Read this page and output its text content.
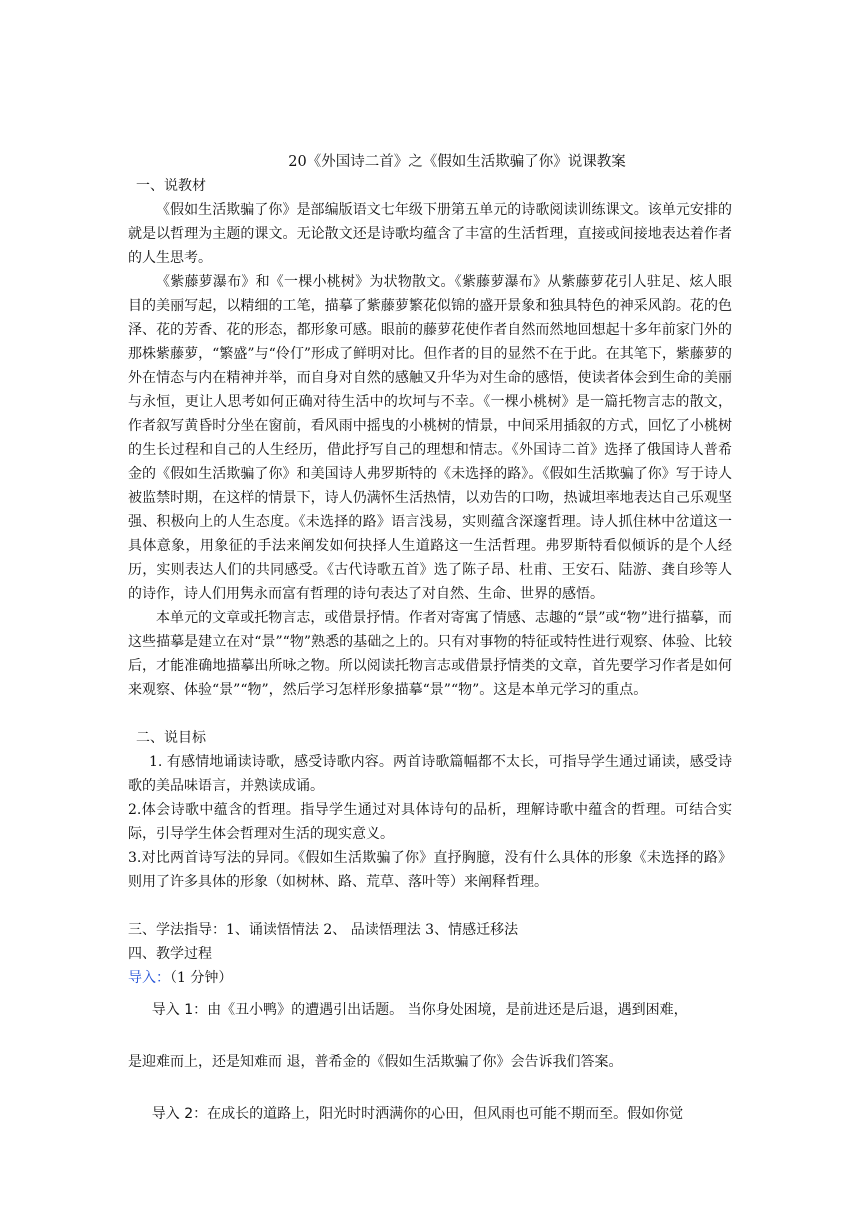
20《外国诗二首》之《假如生活欺骗了你》说课教案

一、说教材

《假如生活欺骗了你》是部编版语文七年级下册第五单元的诗歌阅读训练课文。该单元安排的就是以哲理为主题的课文。无论散文还是诗歌均蕴含了丰富的生活哲理，直接或间接地表达着作者的人生思考。

《紫藤萝瀑布》和《一棵小桃树》为状物散文。《紫藤萝瀑布》从紫藤萝花引人驻足、炫人眼目的美丽写起，以精细的工笔，描摹了紫藤萝繁花似锦的盛开景象和独具特色的神采风韵。花的色泽、花的芳香、花的形态，都形象可感。眼前的藤萝花使作者自然而然地回想起十多年前家门外的那株紫藤萝，“繁盛”与“伶仃”形成了鲜明对比。但作者的目的显然不在于此。在其笔下，紫藤萝的外在情态与内在精神并举，而自身对自然的感触又升华为对生命的感悟，使读者体会到生命的美丽与永恒，更让人思考如何正确对待生活中的坎坷与不幸。《一棵小桃树》是一篇托物言志的散文，作者叙写黄昏时分坐在窗前，看风雨中摇曳的小桃树的情景，中间采用插叙的方式，回忆了小桃树的生长过程和自己的人生经历，借此抒写自己的理想和情志。《外国诗二首》选择了俄国诗人普希金的《假如生活欺骗了你》和美国诗人弗罗斯特的《未选择的路》。《假如生活欺骗了你》写于诗人被监禁时期，在这样的情景下，诗人仍满怀生活热情，以劝告的口吻，热诚坦率地表达自己乐观坚强、积极向上的人生态度。《未选择的路》语言浅易，实则蕴含深邃哲理。诗人抓住林中岔道这一具体意象，用象征的手法来阐发如何抉择人生道路这一生活哲理。弗罗斯特看似倾诉的是个人经历，实则表达人们的共同感受。《古代诗歌五首》选了陈子昂、杜甫、王安石、陆游、龚自珍等人的诗作，诗人们用隽永而富有哲理的诗句表达了对自然、生命、世界的感悟。

本单元的文章或托物言志，或借景抒情。作者对寄寓了情感、志趣的“景”或“物”进行描摹，而这些描摹是建立在对“景”“物”熟悉的基础之上的。只有对事物的特征或特性进行观察、体验、比较后，才能准确地描摹出所咏之物。所以阅读托物言志或借景抒情类的文章，首先要学习作者是如何来观察、体验“景”“物”，然后学习怎样形象描摹“景”“物”。这是本单元学习的重点。

二、说目标

1. 有感情地诵读诗歌，感受诗歌内容。两首诗歌篇幅都不太长，可指导学生通过诵读，感受诗歌的美品味语言，并熟读成诵。

2.体会诗歌中蕴含的哲理。指导学生通过对具体诗句的品析，理解诗歌中蕴含的哲理。可结合实际，引导学生体会哲理对生活的现实意义。

3.对比两首诗写法的异同。《假如生活欺骗了你》直抒胸臆，没有什么具体的形象《未选择的路》则用了许多具体的形象（如树林、路、荒草、落叶等）来阐释哲理。

三、学法指导：1、诵读悟情法 2、 品读悟理法 3、情感迁移法

四、教学过程

导入：（1 分钟）

导入 1：由《丑小鸭》的遭遇引出话题。 当你身处困境，是前进还是后退，遇到困难，

是迎难而上，还是知难而 退，普希金的《假如生活欺骗了你》会告诉我们答案。

导入 2：在成长的道路上，阳光时时洒满你的心田，但风雨也可能不期而至。假如你觉
